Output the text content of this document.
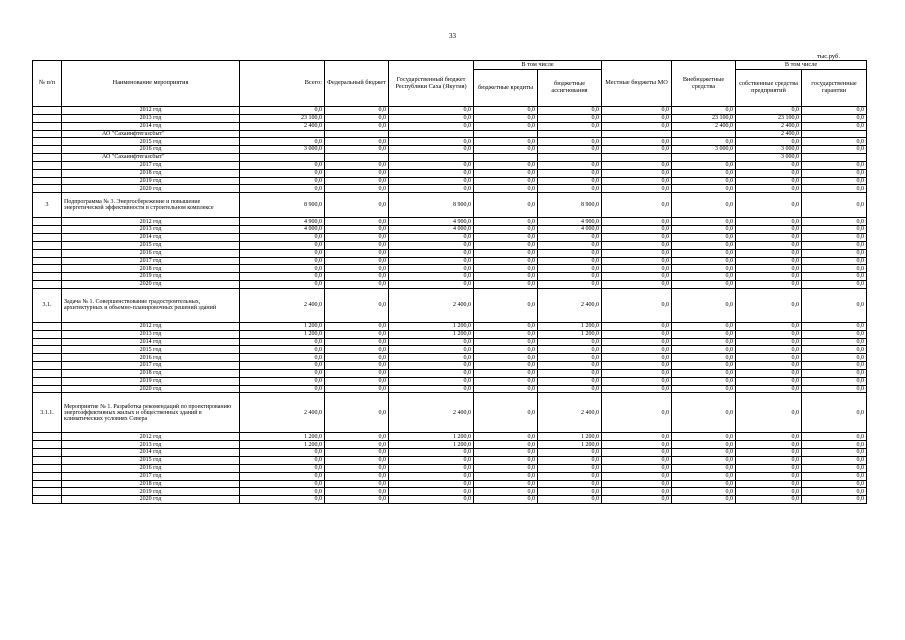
33
тыс.руб.
№ п/п	Наименование мероприятия	Всего:	Федеральный бюджет	Государственный бюджет Республики Саха (Якутия)	В том числе		Местные бюджеты МО	Внебюджетные средства	В том числе	
					бюджетные кредиты	бюджетные ассигнования			собственные средства предприятий	государственные гарантии
	2012 год	0,0	0,0	0,0	0,0	0,0	0,0	0,0	0,0	0,0
	2013 год	23 100,0	0,0	0,0	0,0	0,0	0,0	23 100,0	23 100,0	0,0
	2014 год	2 400,0	0,0	0,0	0,0	0,0	0,0	2 400,0	2 400,0	0,0
	АО "Сахаинфтегазсбыт"								2 400,0	
	2015 год	0,0	0,0	0,0	0,0	0,0	0,0	0,0	0,0	0,0
	2016 год	3 000,0	0,0	0,0	0,0	0,0	0,0	3 000,0	3 000,0	0,0
	АО "Сахаинфтегазсбыт"								3 000,0	
	2017 год	0,0	0,0	0,0	0,0	0,0	0,0	0,0	0,0	0,0
	2018 год	0,0	0,0	0,0	0,0	0,0	0,0	0,0	0,0	0,0
	2019 год	0,0	0,0	0,0	0,0	0,0	0,0	0,0	0,0	0,0
	2020 год	0,0	0,0	0,0	0,0	0,0	0,0	0,0	0,0	0,0
3	Подпрограмма № 3. Энергосбережение и повышение энергетической эффективности в строительном комплексе	8 900,0	0,0	8 900,0	0,0	8 900,0	0,0	0,0	0,0	0,0
	2012 год	4 900,0	0,0	4 900,0	0,0	4 900,0	0,0	0,0	0,0	0,0
	2013 год	4 000,0	0,0	4 000,0	0,0	4 000,0	0,0	0,0	0,0	0,0
	2014 год	0,0	0,0	0,0	0,0	0,0	0,0	0,0	0,0	0,0
	2015 год	0,0	0,0	0,0	0,0	0,0	0,0	0,0	0,0	0,0
	2016 год	0,0	0,0	0,0	0,0	0,0	0,0	0,0	0,0	0,0
	2017 год	0,0	0,0	0,0	0,0	0,0	0,0	0,0	0,0	0,0
	2018 год	0,0	0,0	0,0	0,0	0,0	0,0	0,0	0,0	0,0
	2019 год	0,0	0,0	0,0	0,0	0,0	0,0	0,0	0,0	0,0
	2020 год	0,0	0,0	0,0	0,0	0,0	0,0	0,0	0,0	0,0
3.1.	Задача № 1. Совершенствование градостроительных, архитектурных и объемно-планировочных решений зданий	2 400,0	0,0	2 400,0	0,0	2 400,0	0,0	0,0	0,0	0,0
	2012 год	1 200,0	0,0	1 200,0	0,0	1 200,0	0,0	0,0	0,0	0,0
	2013 год	1 200,0	0,0	1 200,0	0,0	1 200,0	0,0	0,0	0,0	0,0
	2014 год	0,0	0,0	0,0	0,0	0,0	0,0	0,0	0,0	0,0
	2015 год	0,0	0,0	0,0	0,0	0,0	0,0	0,0	0,0	0,0
	2016 год	0,0	0,0	0,0	0,0	0,0	0,0	0,0	0,0	0,0
	2017 год	0,0	0,0	0,0	0,0	0,0	0,0	0,0	0,0	0,0
	2018 год	0,0	0,0	0,0	0,0	0,0	0,0	0,0	0,0	0,0
	2019 год	0,0	0,0	0,0	0,0	0,0	0,0	0,0	0,0	0,0
	2020 год	0,0	0,0	0,0	0,0	0,0	0,0	0,0	0,0	0,0
3.1.1.	Мероприятие № 1. Разработка рекомендаций по проектированию энергоэффективных жилых и общественных зданий в климатических условиях Севера	2 400,0	0,0	2 400,0	0,0	2 400,0	0,0	0,0	0,0	0,0
	2012 год	1 200,0	0,0	1 200,0	0,0	1 200,0	0,0	0,0	0,0	0,0
	2013 год	1 200,0	0,0	1 200,0	0,0	1 200,0	0,0	0,0	0,0	0,0
	2014 год	0,0	0,0	0,0	0,0	0,0	0,0	0,0	0,0	0,0
	2015 год	0,0	0,0	0,0	0,0	0,0	0,0	0,0	0,0	0,0
	2016 год	0,0	0,0	0,0	0,0	0,0	0,0	0,0	0,0	0,0
	2017 год	0,0	0,0	0,0	0,0	0,0	0,0	0,0	0,0	0,0
	2018 год	0,0	0,0	0,0	0,0	0,0	0,0	0,0	0,0	0,0
	2019 год	0,0	0,0	0,0	0,0	0,0	0,0	0,0	0,0	0,0
	2020 год	0,0	0,0	0,0	0,0	0,0	0,0	0,0	0,0	0,0
